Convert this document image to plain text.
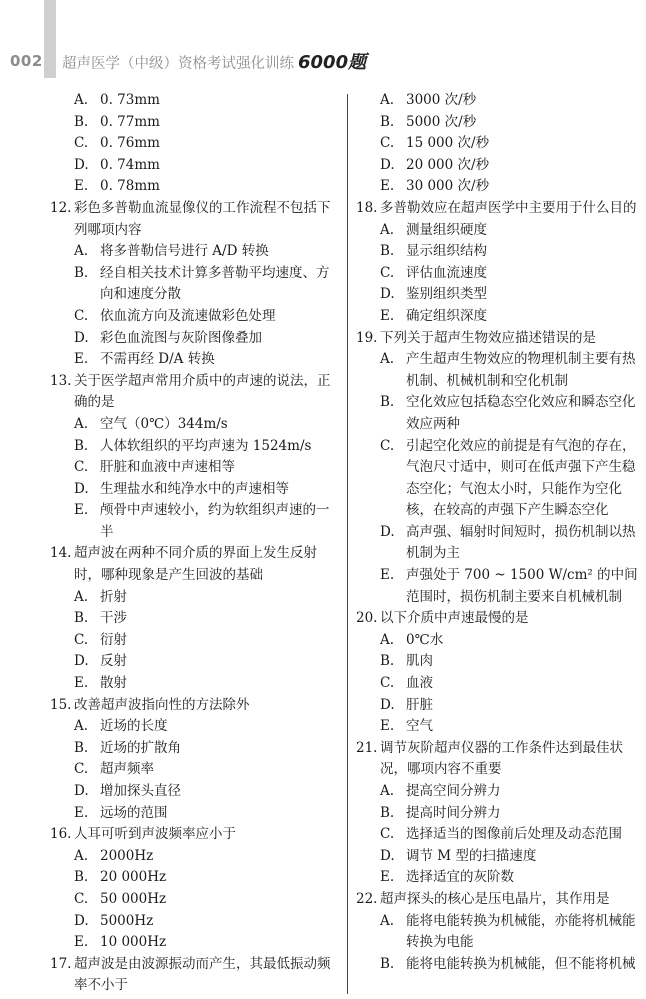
002 超声医学（中级）资格考试强化训练 6000题
A. 0. 73mm
B. 0. 77mm
C. 0. 76mm
D. 0. 74mm
E. 0. 78mm
12. 彩色多普勒血流显像仪的工作流程不包括下列哪项内容
A. 将多普勒信号进行 A/D 转换
B. 经自相关技术计算多普勒平均速度、方向和速度分散
C. 依血流方向及流速做彩色处理
D. 彩色血流图与灰阶图像叠加
E. 不需再经 D/A 转换
13. 关于医学超声常用介质中的声速的说法，正确的是
A. 空气（0℃）344m/s
B. 人体软组织的平均声速为 1524m/s
C. 肝脏和血液中声速相等
D. 生理盐水和纯净水中的声速相等
E. 颅骨中声速较小，约为软组织声速的一半
14. 超声波在两种不同介质的界面上发生反射时，哪种现象是产生回波的基础
A. 折射
B. 干涉
C. 衍射
D. 反射
E. 散射
15. 改善超声波指向性的方法除外
A. 近场的长度
B. 近场的扩散角
C. 超声频率
D. 增加探头直径
E. 远场的范围
16. 人耳可听到声波频率应小于
A. 2000Hz
B. 20 000Hz
C. 50 000Hz
D. 5000Hz
E. 10 000Hz
17. 超声波是由波源振动而产生，其最低振动频率不小于
A. 3000 次/秒
B. 5000 次/秒
C. 15 000 次/秒
D. 20 000 次/秒
E. 30 000 次/秒
18. 多普勒效应在超声医学中主要用于什么目的
A. 测量组织硬度
B. 显示组织结构
C. 评估血流速度
D. 鉴别组织类型
E. 确定组织深度
19. 下列关于超声生物效应描述错误的是
A. 产生超声生物效应的物理机制主要有热机制、机械机制和空化机制
B. 空化效应包括稳态空化效应和瞬态空化效应两种
C. 引起空化效应的前提是有气泡的存在，气泡尺寸适中，则可在低声强下产生稳态空化；气泡太小时，只能作为空化核，在较高的声强下产生瞬态空化
D. 高声强、辐射时间短时，损伤机制以热机制为主
E. 声强处于 700 ~ 1500 W/cm² 的中间范围时，损伤机制主要来自机械机制
20. 以下介质中声速最慢的是
A. 0℃水
B. 肌肉
C. 血液
D. 肝脏
E. 空气
21. 调节灰阶超声仪器的工作条件达到最佳状况，哪项内容不重要
A. 提高空间分辨力
B. 提高时间分辨力
C. 选择适当的图像前后处理及动态范围
D. 调节 M 型的扫描速度
E. 选择适宜的灰阶数
22. 超声探头的核心是压电晶片，其作用是
A. 能将电能转换为机械能，亦能将机械能转换为电能
B. 能将电能转换为机械能，但不能将机械
